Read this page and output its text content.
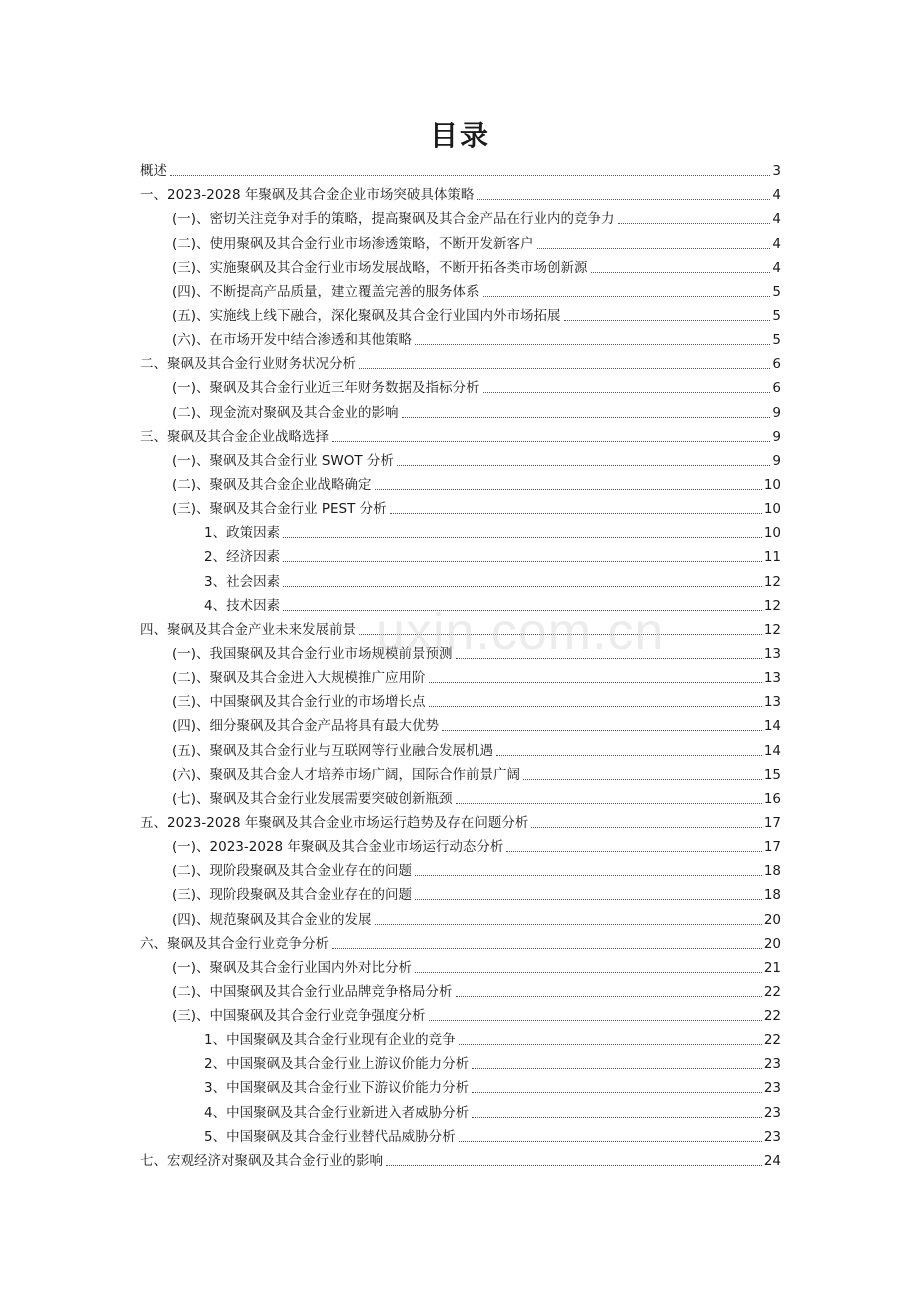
目录
概述	3
一、2023-2028 年聚砜及其合金企业市场突破具体策略	4
(一)、密切关注竞争对手的策略，提高聚砜及其合金产品在行业内的竞争力	4
(二)、使用聚砜及其合金行业市场渗透策略，不断开发新客户	4
(三)、实施聚砜及其合金行业市场发展战略，不断开拓各类市场创新源	4
(四)、不断提高产品质量，建立覆盖完善的服务体系	5
(五)、实施线上线下融合，深化聚砜及其合金行业国内外市场拓展	5
(六)、在市场开发中结合渗透和其他策略	5
二、聚砜及其合金行业财务状况分析	6
(一)、聚砜及其合金行业近三年财务数据及指标分析	6
(二)、现金流对聚砜及其合金业的影响	9
三、聚砜及其合金企业战略选择	9
(一)、聚砜及其合金行业 SWOT 分析	9
(二)、聚砜及其合金企业战略确定	10
(三)、聚砜及其合金行业 PEST 分析	10
1、政策因素	10
2、经济因素	11
3、社会因素	12
4、技术因素	12
四、聚砜及其合金产业未来发展前景	12
(一)、我国聚砜及其合金行业市场规模前景预测	13
(二)、聚砜及其合金进入大规模推广应用阶	13
(三)、中国聚砜及其合金行业的市场增长点	13
(四)、细分聚砜及其合金产品将具有最大优势	14
(五)、聚砜及其合金行业与互联网等行业融合发展机遇	14
(六)、聚砜及其合金人才培养市场广阔，国际合作前景广阔	15
(七)、聚砜及其合金行业发展需要突破创新瓶颈	16
五、2023-2028 年聚砜及其合金业市场运行趋势及存在问题分析	17
(一)、2023-2028 年聚砜及其合金业市场运行动态分析	17
(二)、现阶段聚砜及其合金业存在的问题	18
(三)、现阶段聚砜及其合金业存在的问题	18
(四)、规范聚砜及其合金业的发展	20
六、聚砜及其合金行业竞争分析	20
(一)、聚砜及其合金行业国内外对比分析	21
(二)、中国聚砜及其合金行业品牌竞争格局分析	22
(三)、中国聚砜及其合金行业竞争强度分析	22
1、中国聚砜及其合金行业现有企业的竞争	22
2、中国聚砜及其合金行业上游议价能力分析	23
3、中国聚砜及其合金行业下游议价能力分析	23
4、中国聚砜及其合金行业新进入者威胁分析	23
5、中国聚砜及其合金行业替代品威胁分析	23
七、宏观经济对聚砜及其合金行业的影响	24
uxin.com.cn
